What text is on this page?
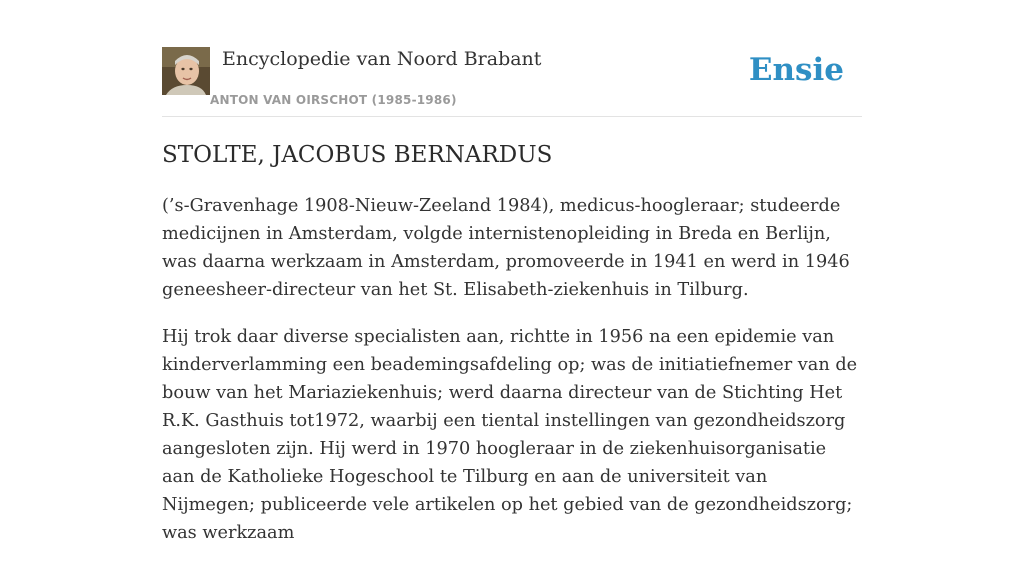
Encyclopedie van Noord Brabant
ANTON VAN OIRSCHOT (1985-1986)
Ensie
STOLTE, JACOBUS BERNARDUS

(’s-Gravenhage 1908-Nieuw-Zeeland 1984), medicus-hoogleraar; studeerde medicijnen in Amsterdam, volgde internistenopleiding in Breda en Berlijn, was daarna werkzaam in Amsterdam, promoveerde in 1941 en werd in 1946 geneesheer-directeur van het St. Elisabeth-ziekenhuis in Tilburg.

Hij trok daar diverse specialisten aan, richtte in 1956 na een epidemie van kinderverlamming een beademingsafdeling op; was de initiatiefnemer van de bouw van het Mariaziekenhuis; werd daarna directeur van de Stichting Het R.K. Gasthuis tot1972, waarbij een tiental instellingen van gezondheidszorg aangesloten zijn. Hij werd in 1970 hoogleraar in de ziekenhuisorganisatie aan de Katholieke Hogeschool te Tilburg en aan de universiteit van Nijmegen; publiceerde vele artikelen op het gebied van de gezondheidszorg; was werkzaam
